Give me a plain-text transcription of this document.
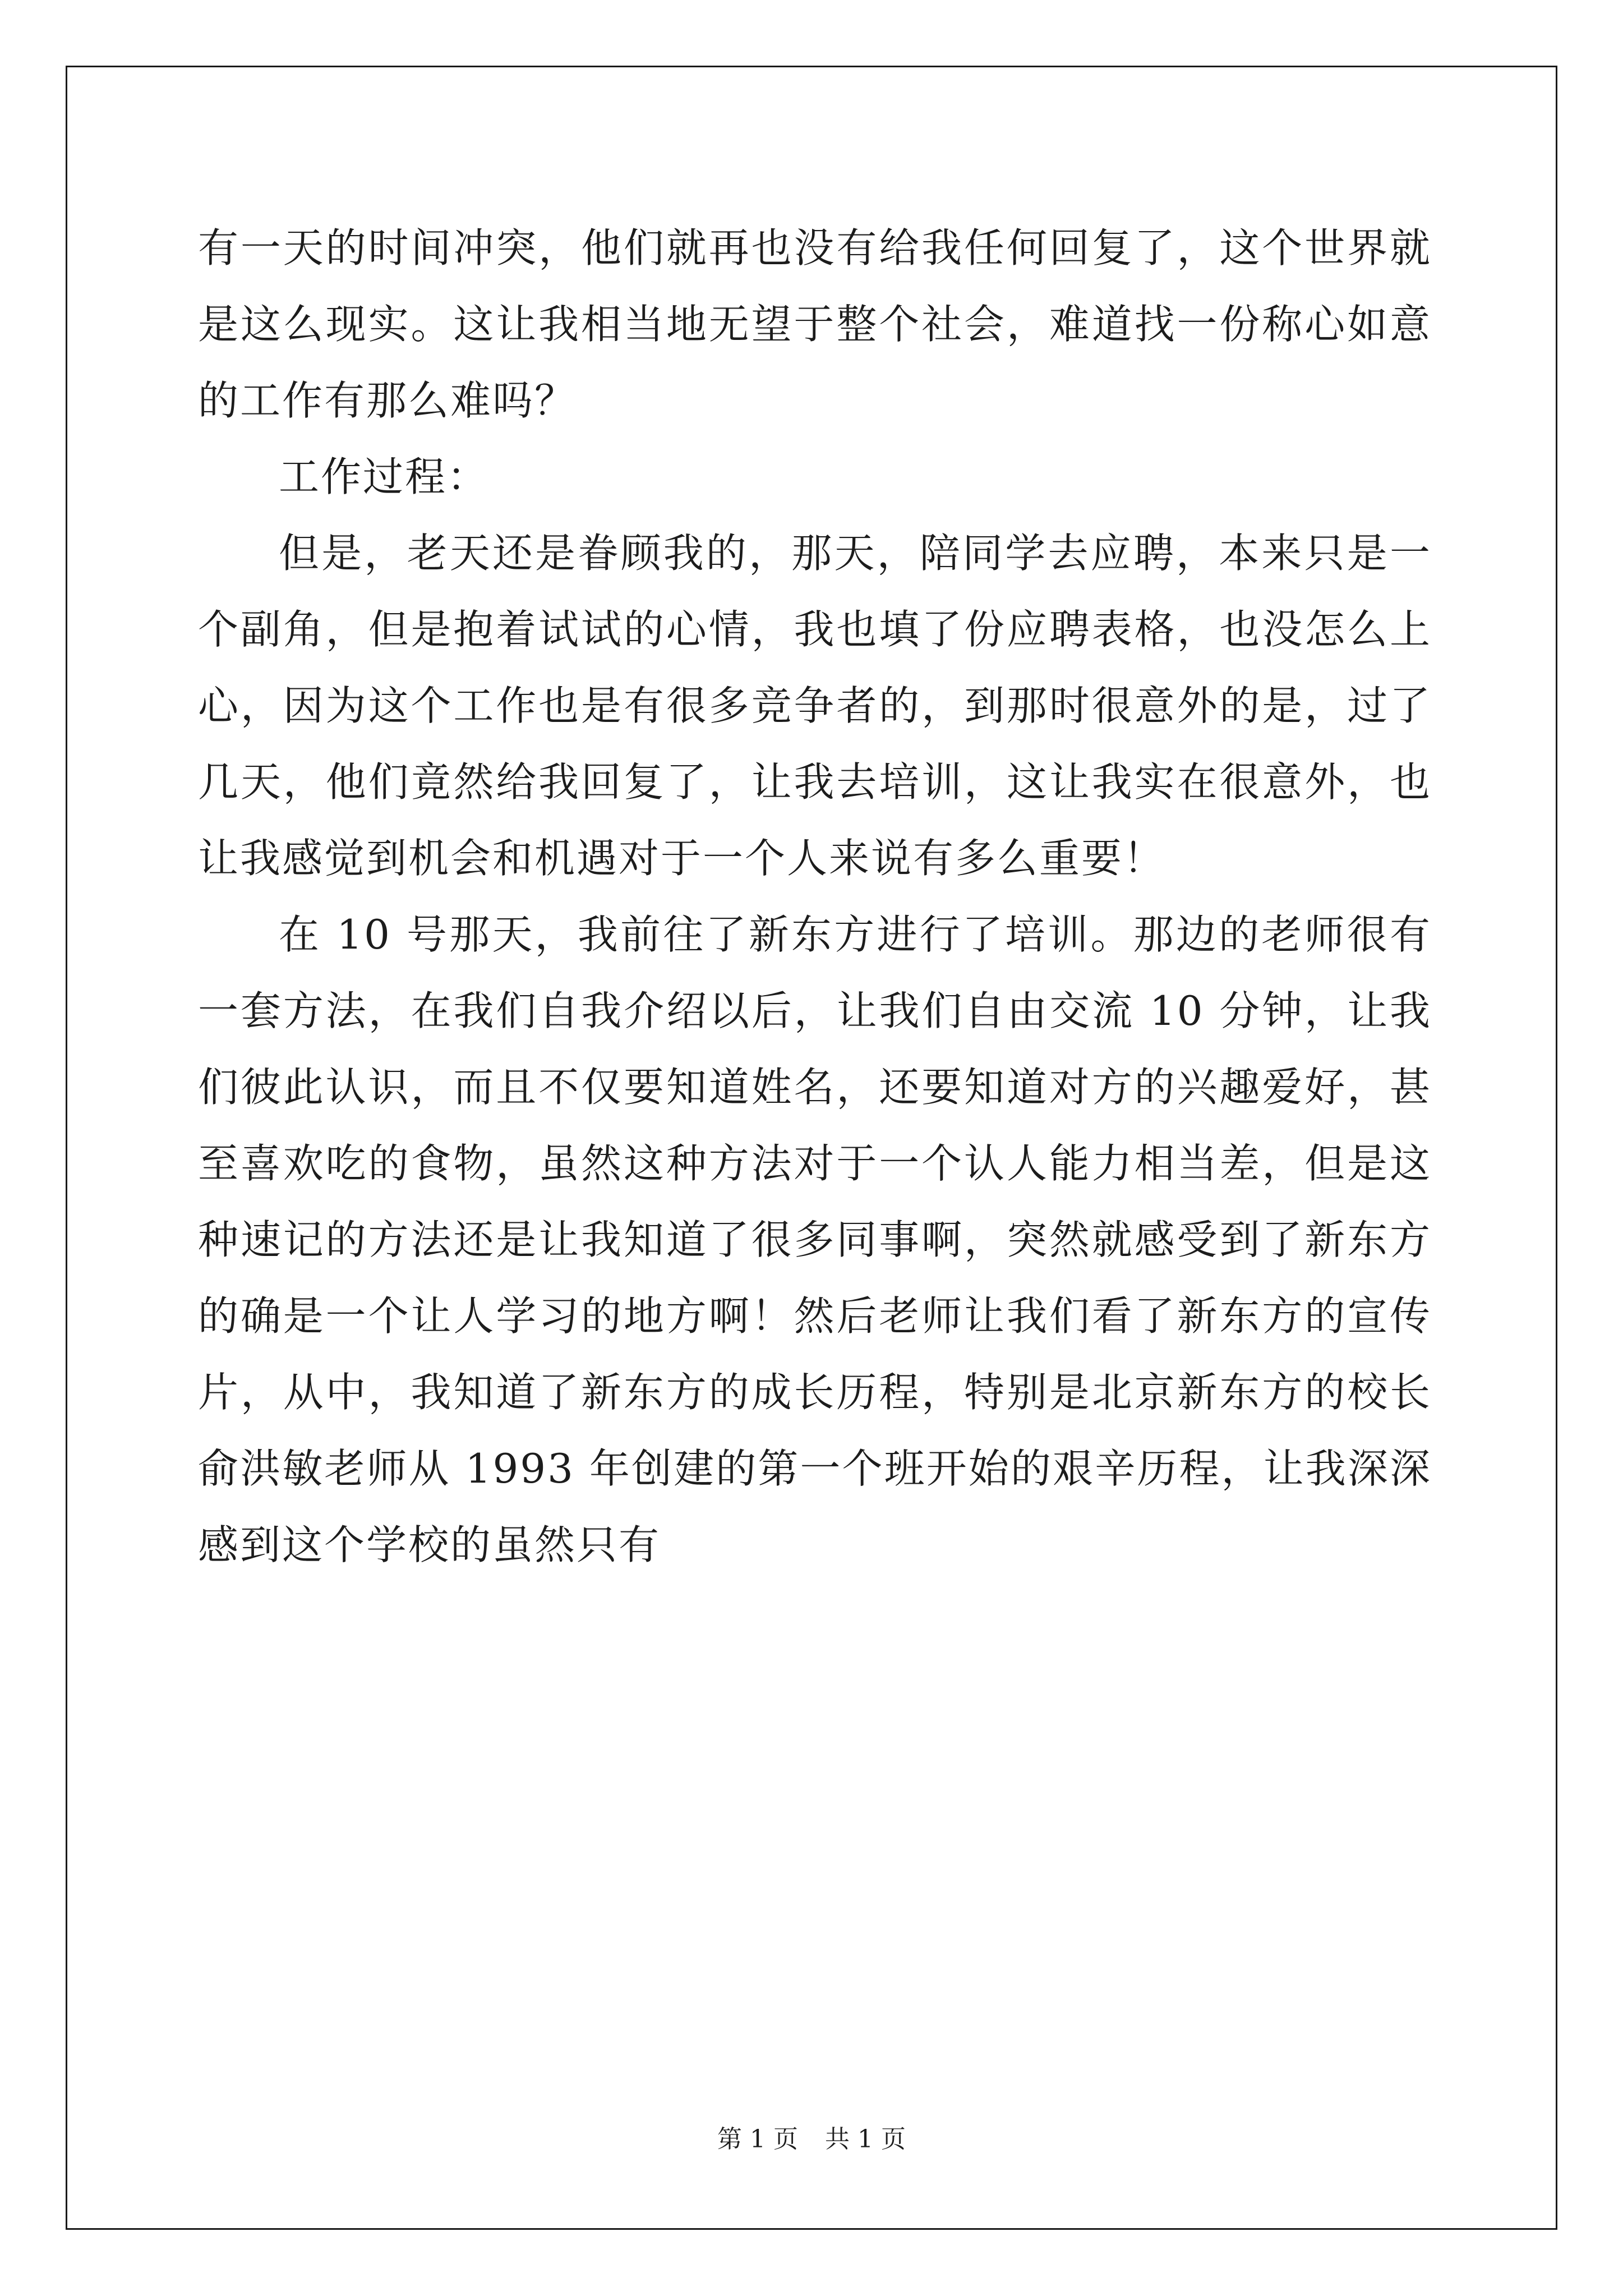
有一天的时间冲突，他们就再也没有给我任何回复了，这个世界就是这么现实。这让我相当地无望于整个社会，难道找一份称心如意的工作有那么难吗？

工作过程：

但是，老天还是眷顾我的，那天，陪同学去应聘，本来只是一个副角，但是抱着试试的心情，我也填了份应聘表格，也没怎么上心，因为这个工作也是有很多竞争者的，到那时很意外的是，过了几天，他们竟然给我回复了，让我去培训，这让我实在很意外，也让我感觉到机会和机遇对于一个人来说有多么重要！

在 10 号那天，我前往了新东方进行了培训。那边的老师很有一套方法，在我们自我介绍以后，让我们自由交流 10 分钟，让我们彼此认识，而且不仅要知道姓名，还要知道对方的兴趣爱好，甚至喜欢吃的食物，虽然这种方法对于一个认人能力相当差，但是这种速记的方法还是让我知道了很多同事啊，突然就感受到了新东方的确是一个让人学习的地方啊！然后老师让我们看了新东方的宣传片，从中，我知道了新东方的成长历程，特别是北京新东方的校长俞洪敏老师从 1993 年创建的第一个班开始的艰辛历程，让我深深感到这个学校的虽然只有

第 1 页 共 1 页
